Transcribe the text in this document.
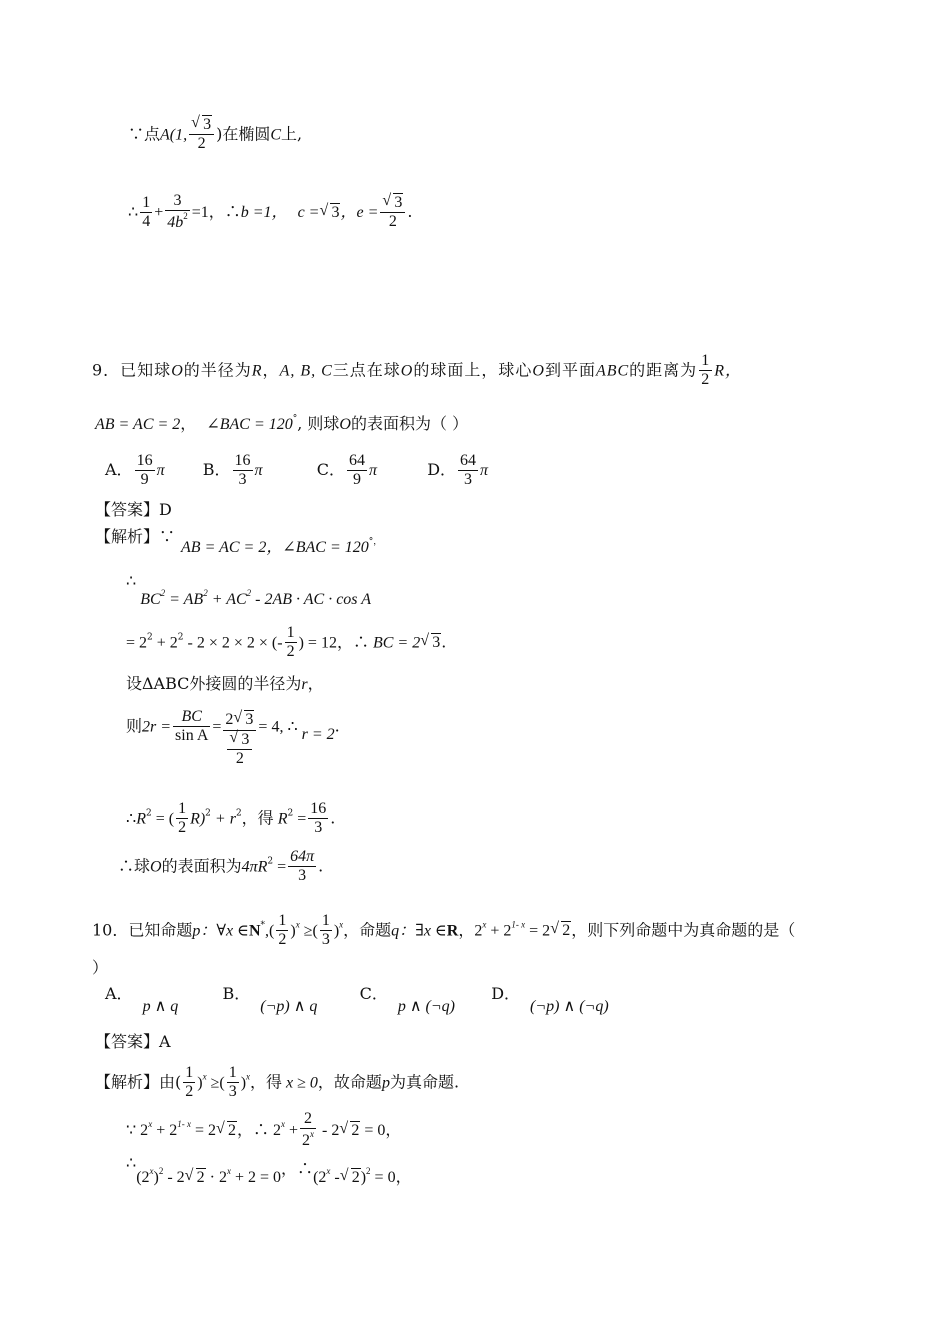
∵点A(1,
√ $\frac{3}{2}$ )在椭圆C上,
∴ $\frac{1}{4} + \frac{3}{4b^2} =1$，∴b =1， c =√ 3，e =
√ $\frac{3}{2}$ .
9．已知球O的半径为R，A, B, C三点在球O的球面上，球心O到平面ABC的距离为 $\frac{1}{2}$ R，
AB = AC = 2， ∠BAC = 120°, 则球O的表面积为（ ）
A． $\frac{16}{9}$ π B． $\frac{16}{3}$ π	C． $\frac{64}{9}$ π	D． $\frac{64}{3}$ π
【答案】D
【解析】∵AB = AC = 2，∠BAC = 120°，
$\therefore BC^2 = AB^2 + AC^2 - 2AB$ · AC · cos A
= $2^2 + 2^2 - 2 \times 2 \times 2$ × (- $\frac{1}{2}$ ) = 12，∴ BC = 2√ 3.
设ΔABC外接圆的半径为r，
则$2r = \frac{BC}{\text{sin A}} = 2√$ 3
√ $\frac{3}{2} = 4$, ∴ r = 2.
$\therefore R^2$ = ( $\frac{1}{2} R)^2 + r^2$，得 $R^2 = \frac{16}{3}$ .
∴球O的表面积为$4\pi R^2 = \frac{64\pi}{3}$ .
10．已知命题p：∀x ∈N*,( $\frac{1}{2} )^x$ ≥( $\frac{1}{3} )^x$，命题q：∃x ∈R，$2^x + 2^{1- x} = 2√$ 2，则下列命题中为真命题的是（
）
A．p ∧ q  B．(¬p) ∧ q  C．p ∧ (¬q)  D．(¬p) ∧ (¬q)
【答案】A
【解析】由( $\frac{1}{2} )^x$ ≥( $\frac{1}{3} )^x$，得 x ≥ 0，故命题p为真命题.
∵ $2^x + 2^{1- x} = 2√$ 2，∴ $2^x + \frac{2}{2^x} - 2√$ 2 = 0，
$\therefore(2^x)^2 - 2√$ $2 \cdot 2^x + 2 = 0$，∴(2$^x$ -√ 2)$^2$ = 0，
